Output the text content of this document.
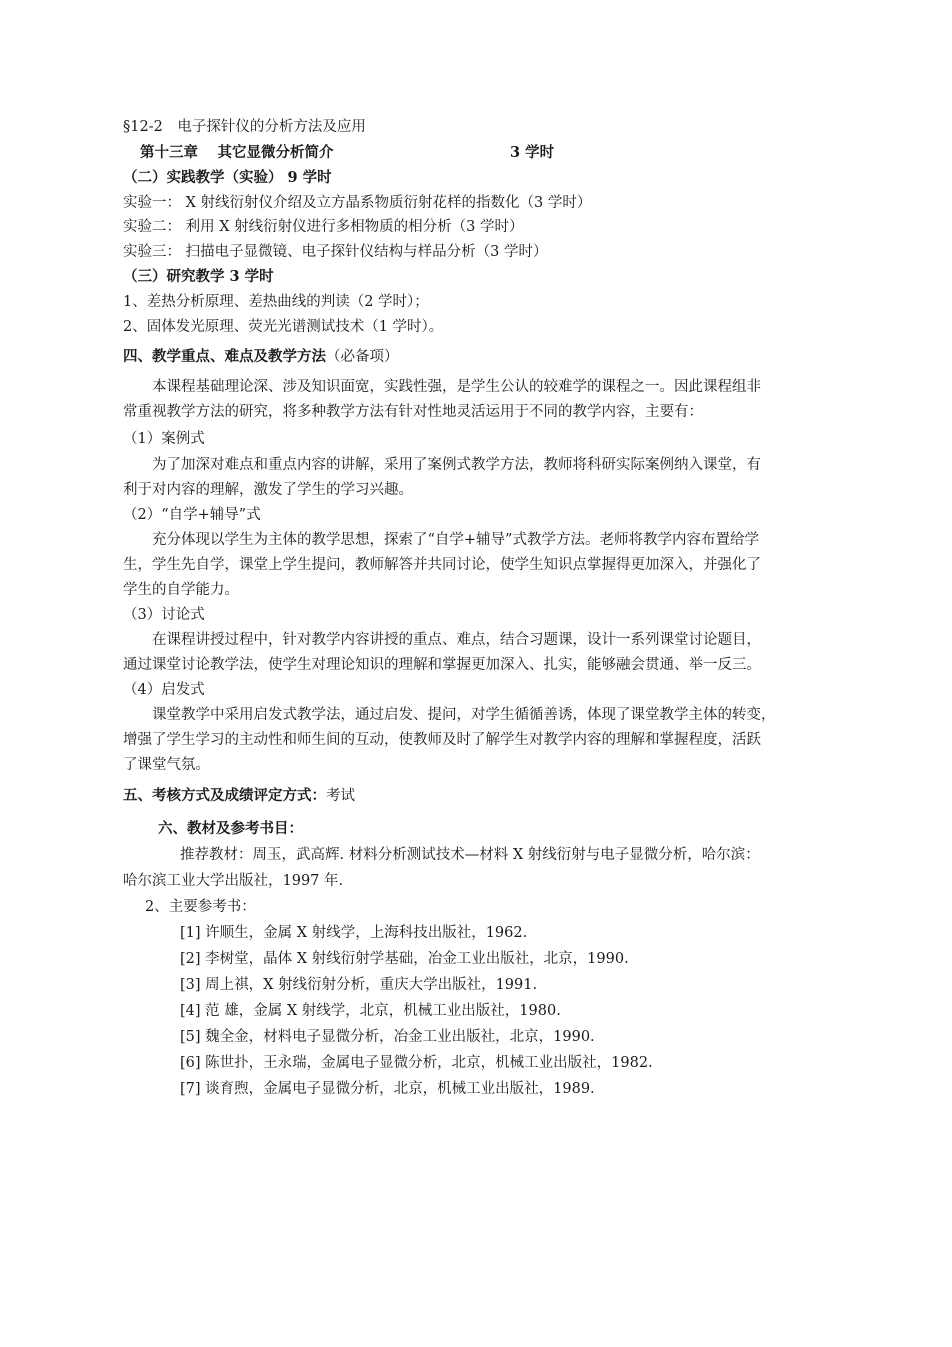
§12-2　电子探针仪的分析方法及应用
第十三章　 其它显微分析简介	3 学时
（二）实践教学（实验） 9 学时
实验一： X 射线衍射仪介绍及立方晶系物质衍射花样的指数化（3 学时）
实验二： 利用 X 射线衍射仪进行多相物质的相分析（3 学时）
实验三： 扫描电子显微镜、电子探针仪结构与样品分析（3 学时）
（三）研究教学 3 学时
1、差热分析原理、差热曲线的判读（2 学时）；
2、固体发光原理、荧光光谱测试技术（1 学时）。
四、教学重点、难点及教学方法（必备项）
　　本课程基础理论深、涉及知识面宽，实践性强，是学生公认的较难学的课程之一。因此课程组非
常重视教学方法的研究，将多种教学方法有针对性地灵活运用于不同的教学内容，主要有：
（1）案例式
　　为了加深对难点和重点内容的讲解，采用了案例式教学方法，教师将科研实际案例纳入课堂，有
利于对内容的理解，激发了学生的学习兴趣。
（2）“自学+辅导”式
　　充分体现以学生为主体的教学思想，探索了“自学+辅导”式教学方法。老师将教学内容布置给学
生，学生先自学，课堂上学生提问，教师解答并共同讨论，使学生知识点掌握得更加深入，并强化了
学生的自学能力。
（3）讨论式
　　在课程讲授过程中，针对教学内容讲授的重点、难点，结合习题课，设计一系列课堂讨论题目，
通过课堂讨论教学法，使学生对理论知识的理解和掌握更加深入、扎实，能够融会贯通、举一反三。
（4）启发式
　　课堂教学中采用启发式教学法，通过启发、提问，对学生循循善诱，体现了课堂教学主体的转变，
增强了学生学习的主动性和师生间的互动，使教师及时了解学生对教学内容的理解和掌握程度，活跃
了课堂气氛。
五、考核方式及成绩评定方式：考试
六、教材及参考书目：
推荐教材：周玉，武高辉. 材料分析测试技术—材料 X 射线衍射与电子显微分析，哈尔滨：
哈尔滨工业大学出版社，1997 年.
2、主要参考书：
[1] 许顺生，金属 X 射线学，上海科技出版社，1962.
[2] 李树堂，晶体 X 射线衍射学基础，冶金工业出版社，北京，1990.
[3] 周上祺，X 射线衍射分析，重庆大学出版社，1991.
[4] 范 雄，金属 X 射线学，北京，机械工业出版社，1980.
[5] 魏全金，材料电子显微分析，冶金工业出版社，北京，1990.
[6] 陈世扑，王永瑞，金属电子显微分析，北京，机械工业出版社，1982.
[7] 谈育煦，金属电子显微分析，北京，机械工业出版社，1989.
